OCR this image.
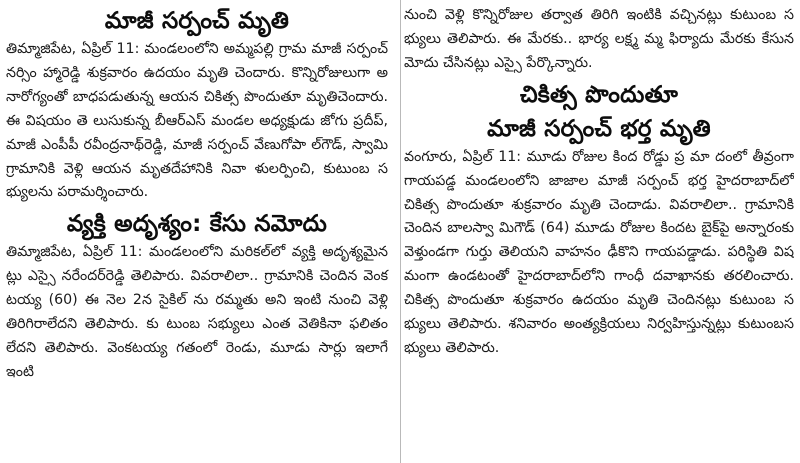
మాజీ సర్పంచ్ మృతి

తిమ్మాజిపేట, ఏప్రిల్ 11: మండలంలోని అమ్మపల్లి గ్రామ మాజీ సర్పంచ్ నర్సిం హ్మారెడ్డి శుక్రవారం ఉదయం మృతి చెందారు. కొన్నిరోజులుగా అనారోగ్యంతో బాధపడుతున్న ఆయన చికిత్స పొందుతూ మృతిచెందారు. ఈ విషయం తె లుసుకున్న బీఆర్ఎస్ మండల అధ్యక్షుడు జోగు ప్రదీప్, మాజీ ఎంపీపీ రవీంద్రనాథ్‌రెడ్డి, మాజీ సర్పంచ్ వేణుగోపా ల్‌గౌడ్, స్వామి గ్రామానికి వెళ్లి ఆయన మృతదేహానికి నివా ళులర్పించి, కుటుంబ సభ్యులను పరామర్శించారు.

వ్యక్తి అదృశ్యం: కేసు నమోదు

తిమ్మాజిపేట, ఏప్రిల్ 11: మండలంలోని మరికల్‌లో వ్యక్తి అదృశ్యమైనట్లు ఎస్సై నరేందర్‌రెడ్డి తెలిపారు. వివరాలిలా.. గ్రామానికి చెందిన వెంకటయ్య (60) ఈ నెల 2న సైకిల్ ను రమ్మతు అని ఇంటి నుంచి వెళ్లి తిరిగిరాలేదని తెలిపారు. కు టుంబ సభ్యులు ఎంత వెతికినా ఫలితం లేదని తెలిపారు. వెంకటయ్య గతంలో రెండు, మూడు సార్లు ఇలాగే ఇంటి

నుంచి వెళ్లి కొన్నిరోజుల తర్వాత తిరిగి ఇంటికి వచ్చినట్లు కుటుంబ సభ్యులు తెలిపారు. ఈ మేరకు.. భార్య లక్ష్మ మ్మ ఫిర్యాదు మేరకు కేసునమోదు చేసినట్లు ఎస్సై పేర్కొన్నారు.

చికిత్స పొందుతూ
మాజీ సర్పంచ్ భర్త మృతి

వంగూరు, ఏప్రిల్ 11: మూడు రోజుల కింద రోడ్డు ప్ర మా దంలో తీవ్రంగా గాయపడ్డ మండలంలోని జాజాల మాజీ సర్పంచ్ భర్త హైదరాబాద్‌లో చికిత్స పొందుతూ శుక్రవారం మృతి చెందాడు. వివరాలిలా.. గ్రామానికి చెందిన బాలస్వా మిగౌడ్ (64) మూడు రోజుల కిందట బైక్‌పై అన్నారంకు వెళ్తుండగా గుర్తు తెలియని వాహనం ఢీకొని గాయపడ్డాడు. పరిస్థితి విషమంగా ఉండటంతో హైదరాబాద్‌లోని గాంధీ దవాఖానకు తరలించారు. చికిత్స పొందుతూ శుక్రవారం ఉదయం మృతి చెందినట్లు కుటుంబ సభ్యులు తెలిపారు. శనివారం అంత్యక్రియలు నిర్వహిస్తున్నట్లు కుటుంబస భ్యులు తెలిపారు.
